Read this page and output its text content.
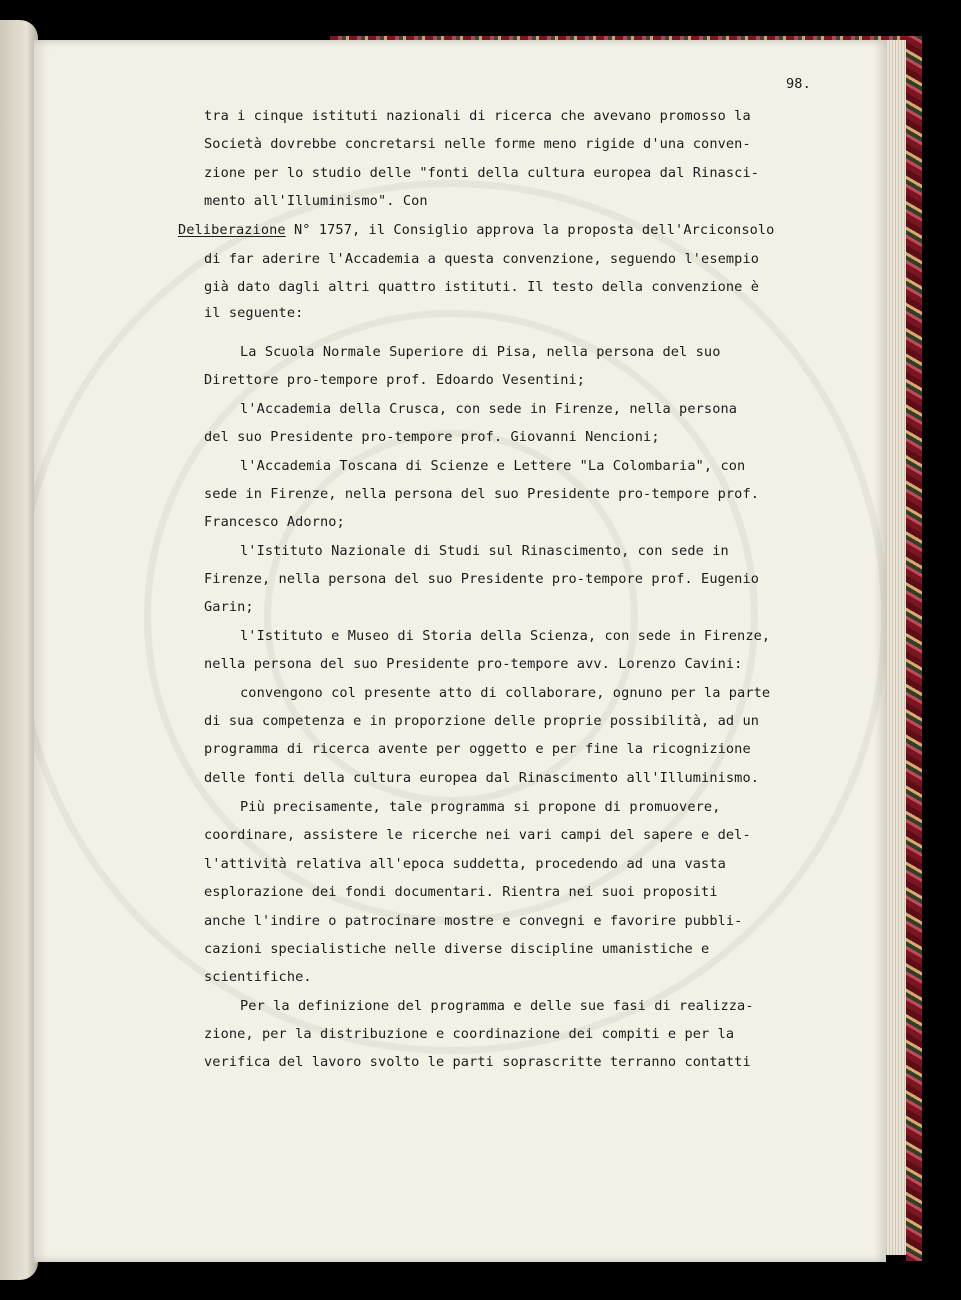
98.
tra i cinque istituti nazionali di ricerca che avevano promosso la
Società dovrebbe concretarsi nelle forme meno rigide d'una conven-
zione per lo studio delle "fonti della cultura europea dal Rinasci-
mento all'Illuminismo". Con
Deliberazione N° 1757, il Consiglio approva la proposta dell'Arciconsolo
di far aderire l'Accademia a questa convenzione, seguendo l'esempio
già dato dagli altri quattro istituti. Il testo della convenzione è
il seguente:
La Scuola Normale Superiore di Pisa, nella persona del suo
Direttore pro-tempore prof. Edoardo Vesentini;
l'Accademia della Crusca, con sede in Firenze, nella persona
del suo Presidente pro-tempore prof. Giovanni Nencioni;
l'Accademia Toscana di Scienze e Lettere "La Colombaria", con
sede in Firenze, nella persona del suo Presidente pro-tempore prof.
Francesco Adorno;
l'Istituto Nazionale di Studi sul Rinascimento, con sede in
Firenze, nella persona del suo Presidente pro-tempore prof. Eugenio
Garin;
l'Istituto e Museo di Storia della Scienza, con sede in Firenze,
nella persona del suo Presidente pro-tempore avv. Lorenzo Cavini:
convengono col presente atto di collaborare, ognuno per la parte
di sua competenza e in proporzione delle proprie possibilità, ad un
programma di ricerca avente per oggetto e per fine la ricognizione
delle fonti della cultura europea dal Rinascimento all'Illuminismo.
Più precisamente, tale programma si propone di promuovere,
coordinare, assistere le ricerche nei vari campi del sapere e del-
l'attività relativa all'epoca suddetta, procedendo ad una vasta
esplorazione dei fondi documentari. Rientra nei suoi propositi
anche l'indire o patrocinare mostre e convegni e favorire pubbli-
cazioni specialistiche nelle diverse discipline umanistiche e
scientifiche.
Per la definizione del programma e delle sue fasi di realizza-
zione, per la distribuzione e coordinazione dei compiti e per la
verifica del lavoro svolto le parti soprascritte terranno contatti
